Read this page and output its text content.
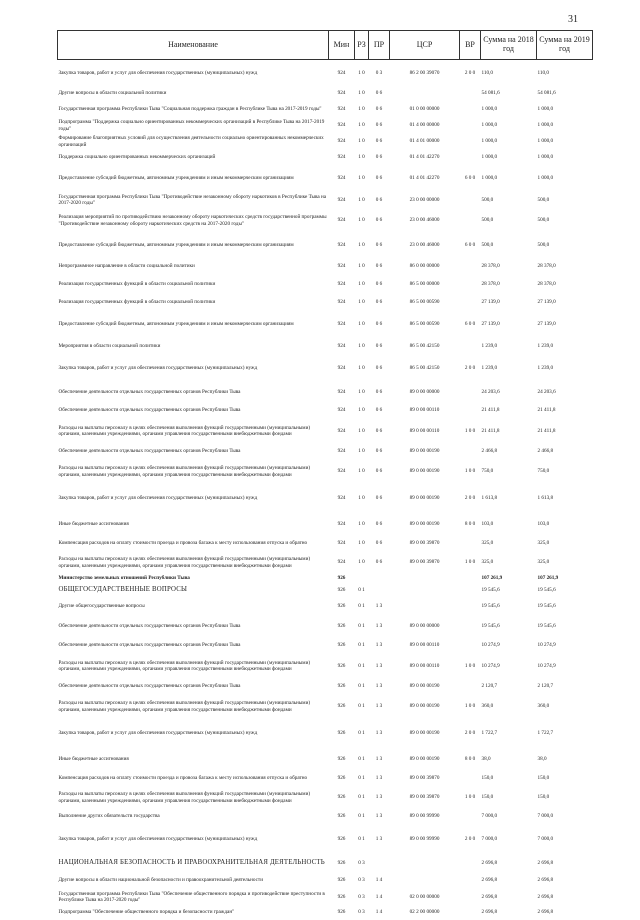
31
Наименование	Мин	РЗ	ПР	ЦСР	ВР	Сумма на 2018 год	Сумма на 2019 год
Закупка товаров, работ и услуг для обеспечения государственных (муниципальных) нужд	924	1 0	0 3	86 2 00 39070	2 0 0	110,0	110,0
Другие вопросы в области социальной политики	924	1 0	0 6			54 081,6	54 081,6
Государственная программа Республики Тыва "Социальная поддержка граждан в Республике Тыва на 2017-2019 годы"	924	1 0	0 6	01 0 00 00000		1 000,0	1 000,0
Подпрограмма "Поддержка социально ориентированных некоммерческих организаций в Республике Тыва на 2017-2019 годы"	924	1 0	0 6	01 4 00 00000		1 000,0	1 000,0
Формирование благоприятных условий для осуществления деятельности социально ориентированных некоммерческих организаций	924	1 0	0 6	01 4 01 00000		1 000,0	1 000,0
Поддержка социально ориентированных некоммерческих организаций	924	1 0	0 6	01 4 01 42270		1 000,0	1 000,0
Предоставление субсидий бюджетным, автономным учреждениям и иным некоммерческим организациям	924	1 0	0 6	01 4 01 42270	6 0 0	1 000,0	1 000,0
Государственная программа Республики Тыва "Противодействие незаконному обороту наркотиков в Республике Тыва на 2017-2020 годы"	924	1 0	0 6	23 0 00 00000		500,0	500,0
Реализация мероприятий по противодействию незаконному обороту наркотических средств государственной программы "Противодействие незаконному обороту наркотических средств на 2017-2020 годы"	924	1 0	0 6	23 0 00 46000		500,0	500,0
Предоставление субсидий бюджетным, автономным учреждениям и иным некоммерческим организациям	924	1 0	0 6	23 0 00 46000	6 0 0	500,0	500,0
Непрограммное направление в области социальной политики	924	1 0	0 6	86 0 00 00000		28 378,0	28 378,0
Реализация государственных функций в области социальной политики	924	1 0	0 6	86 5 00 00000		28 378,0	28 378,0
Реализация государственных функций в области социальной политики	924	1 0	0 6	86 5 00 00590		27 139,0	27 139,0
Предоставление субсидий бюджетным, автономным учреждениям и иным некоммерческим организациям	924	1 0	0 6	86 5 00 00590	6 0 0	27 139,0	27 139,0
Мероприятия в области социальной политики	924	1 0	0 6	86 5 00 42150		1 239,0	1 239,0
Закупка товаров, работ и услуг для обеспечения государственных (муниципальных) нужд	924	1 0	0 6	86 5 00 42150	2 0 0	1 239,0	1 239,0
Обеспечение деятельности отдельных государственных органов Республики Тыва	924	1 0	0 6	89 0 00 00000		24 203,6	24 203,6
Обеспечение деятельности отдельных государственных органов Республики Тыва	924	1 0	0 6	89 0 00 00110		21 411,8	21 411,8
Расходы на выплаты персоналу в целях обеспечения выполнения функций государственными (муниципальными) органами, казенными учреждениями, органами управления государственными внебюджетными фондами	924	1 0	0 6	89 0 00 00110	1 0 0	21 411,8	21 411,8
Обеспечение деятельности отдельных государственных органов Республики Тыва	924	1 0	0 6	89 0 00 00190		2 466,8	2 466,8
Расходы на выплаты персоналу в целях обеспечения выполнения функций государственными (муниципальными) органами, казенными учреждениями, органами управления государственными внебюджетными фондами	924	1 0	0 6	89 0 00 00190	1 0 0	750,0	750,0
Закупка товаров, работ и услуг для обеспечения государственных (муниципальных) нужд	924	1 0	0 6	89 0 00 00190	2 0 0	1 613,8	1 613,8
Иные бюджетные ассигнования	924	1 0	0 6	89 0 00 00190	8 0 0	103,0	103,0
Компенсация расходов на оплату стоимости проезда и провоза багажа к месту использования отпуска и обратно	924	1 0	0 6	89 0 00 39870		325,0	325,0
Расходы на выплаты персоналу в целях обеспечения выполнения функций государственными (муниципальными) органами, казенными учреждениями, органами управления государственными внебюджетными фондами	924	1 0	0 6	89 0 00 39870	1 0 0	325,0	325,0
Министерство земельных отношений Республики Тыва	926					107 261,9	107 261,9
ОБЩЕГОСУДАРСТВЕННЫЕ ВОПРОСЫ	926	0 1				19 545,6	19 545,6
Другие общегосударственные вопросы	926	0 1	1 3			19 545,6	19 545,6
Обеспечение деятельности отдельных государственных органов Республики Тыва	926	0 1	1 3	89 0 00 00000		19 545,6	19 545,6
Обеспечение деятельности отдельных государственных органов Республики Тыва	926	0 1	1 3	89 0 00 00110		10 274,9	10 274,9
Расходы на выплаты персоналу в целях обеспечения выполнения функций государственными (муниципальными) органами, казенными учреждениями, органами управления государственными внебюджетными фондами	926	0 1	1 3	89 0 00 00110	1 0 0	10 274,9	10 274,9
Обеспечение деятельности отдельных государственных органов Республики Тыва	926	0 1	1 3	89 0 00 00190		2 120,7	2 120,7
Расходы на выплаты персоналу в целях обеспечения выполнения функций государственными (муниципальными) органами, казенными учреждениями, органами управления государственными внебюджетными фондами	926	0 1	1 3	89 0 00 00190	1 0 0	360,0	360,0
Закупка товаров, работ и услуг для обеспечения государственных (муниципальных) нужд	926	0 1	1 3	89 0 00 00190	2 0 0	1 722,7	1 722,7
Иные бюджетные ассигнования	926	0 1	1 3	89 0 00 00190	8 0 0	38,0	38,0
Компенсация расходов на оплату стоимости проезда и провоза багажа к месту использования отпуска и обратно	926	0 1	1 3	89 0 00 39870		150,0	150,0
Расходы на выплаты персоналу в целях обеспечения выполнения функций государственными (муниципальными) органами, казенными учреждениями, органами управления государственными внебюджетными фондами	926	0 1	1 3	89 0 00 39870	1 0 0	150,0	150,0
Выполнение других обязательств государства	926	0 1	1 3	89 0 00 99990		7 000,0	7 000,0
Закупка товаров, работ и услуг для обеспечения государственных (муниципальных) нужд	926	0 1	1 3	89 0 00 99990	2 0 0	7 000,0	7 000,0
НАЦИОНАЛЬНАЯ БЕЗОПАСНОСТЬ И ПРАВООХРАНИТЕЛЬНАЯ ДЕЯТЕЛЬНОСТЬ	926	0 3				2 696,8	2 696,8
Другие вопросы в области национальной безопасности и правоохранительной деятельности	926	0 3	1 4			2 696,8	2 696,8
Государственная программа Республики Тыва "Обеспечение общественного порядка и противодействие преступности в Республике Тыва на 2017-2020 годы"	926	0 3	1 4	02 0 00 00000		2 696,8	2 696,8
Подпрограмма "Обеспечение общественного порядка и безопасности граждан"	926	0 3	1 4	02 2 00 00000		2 696,8	2 696,8
